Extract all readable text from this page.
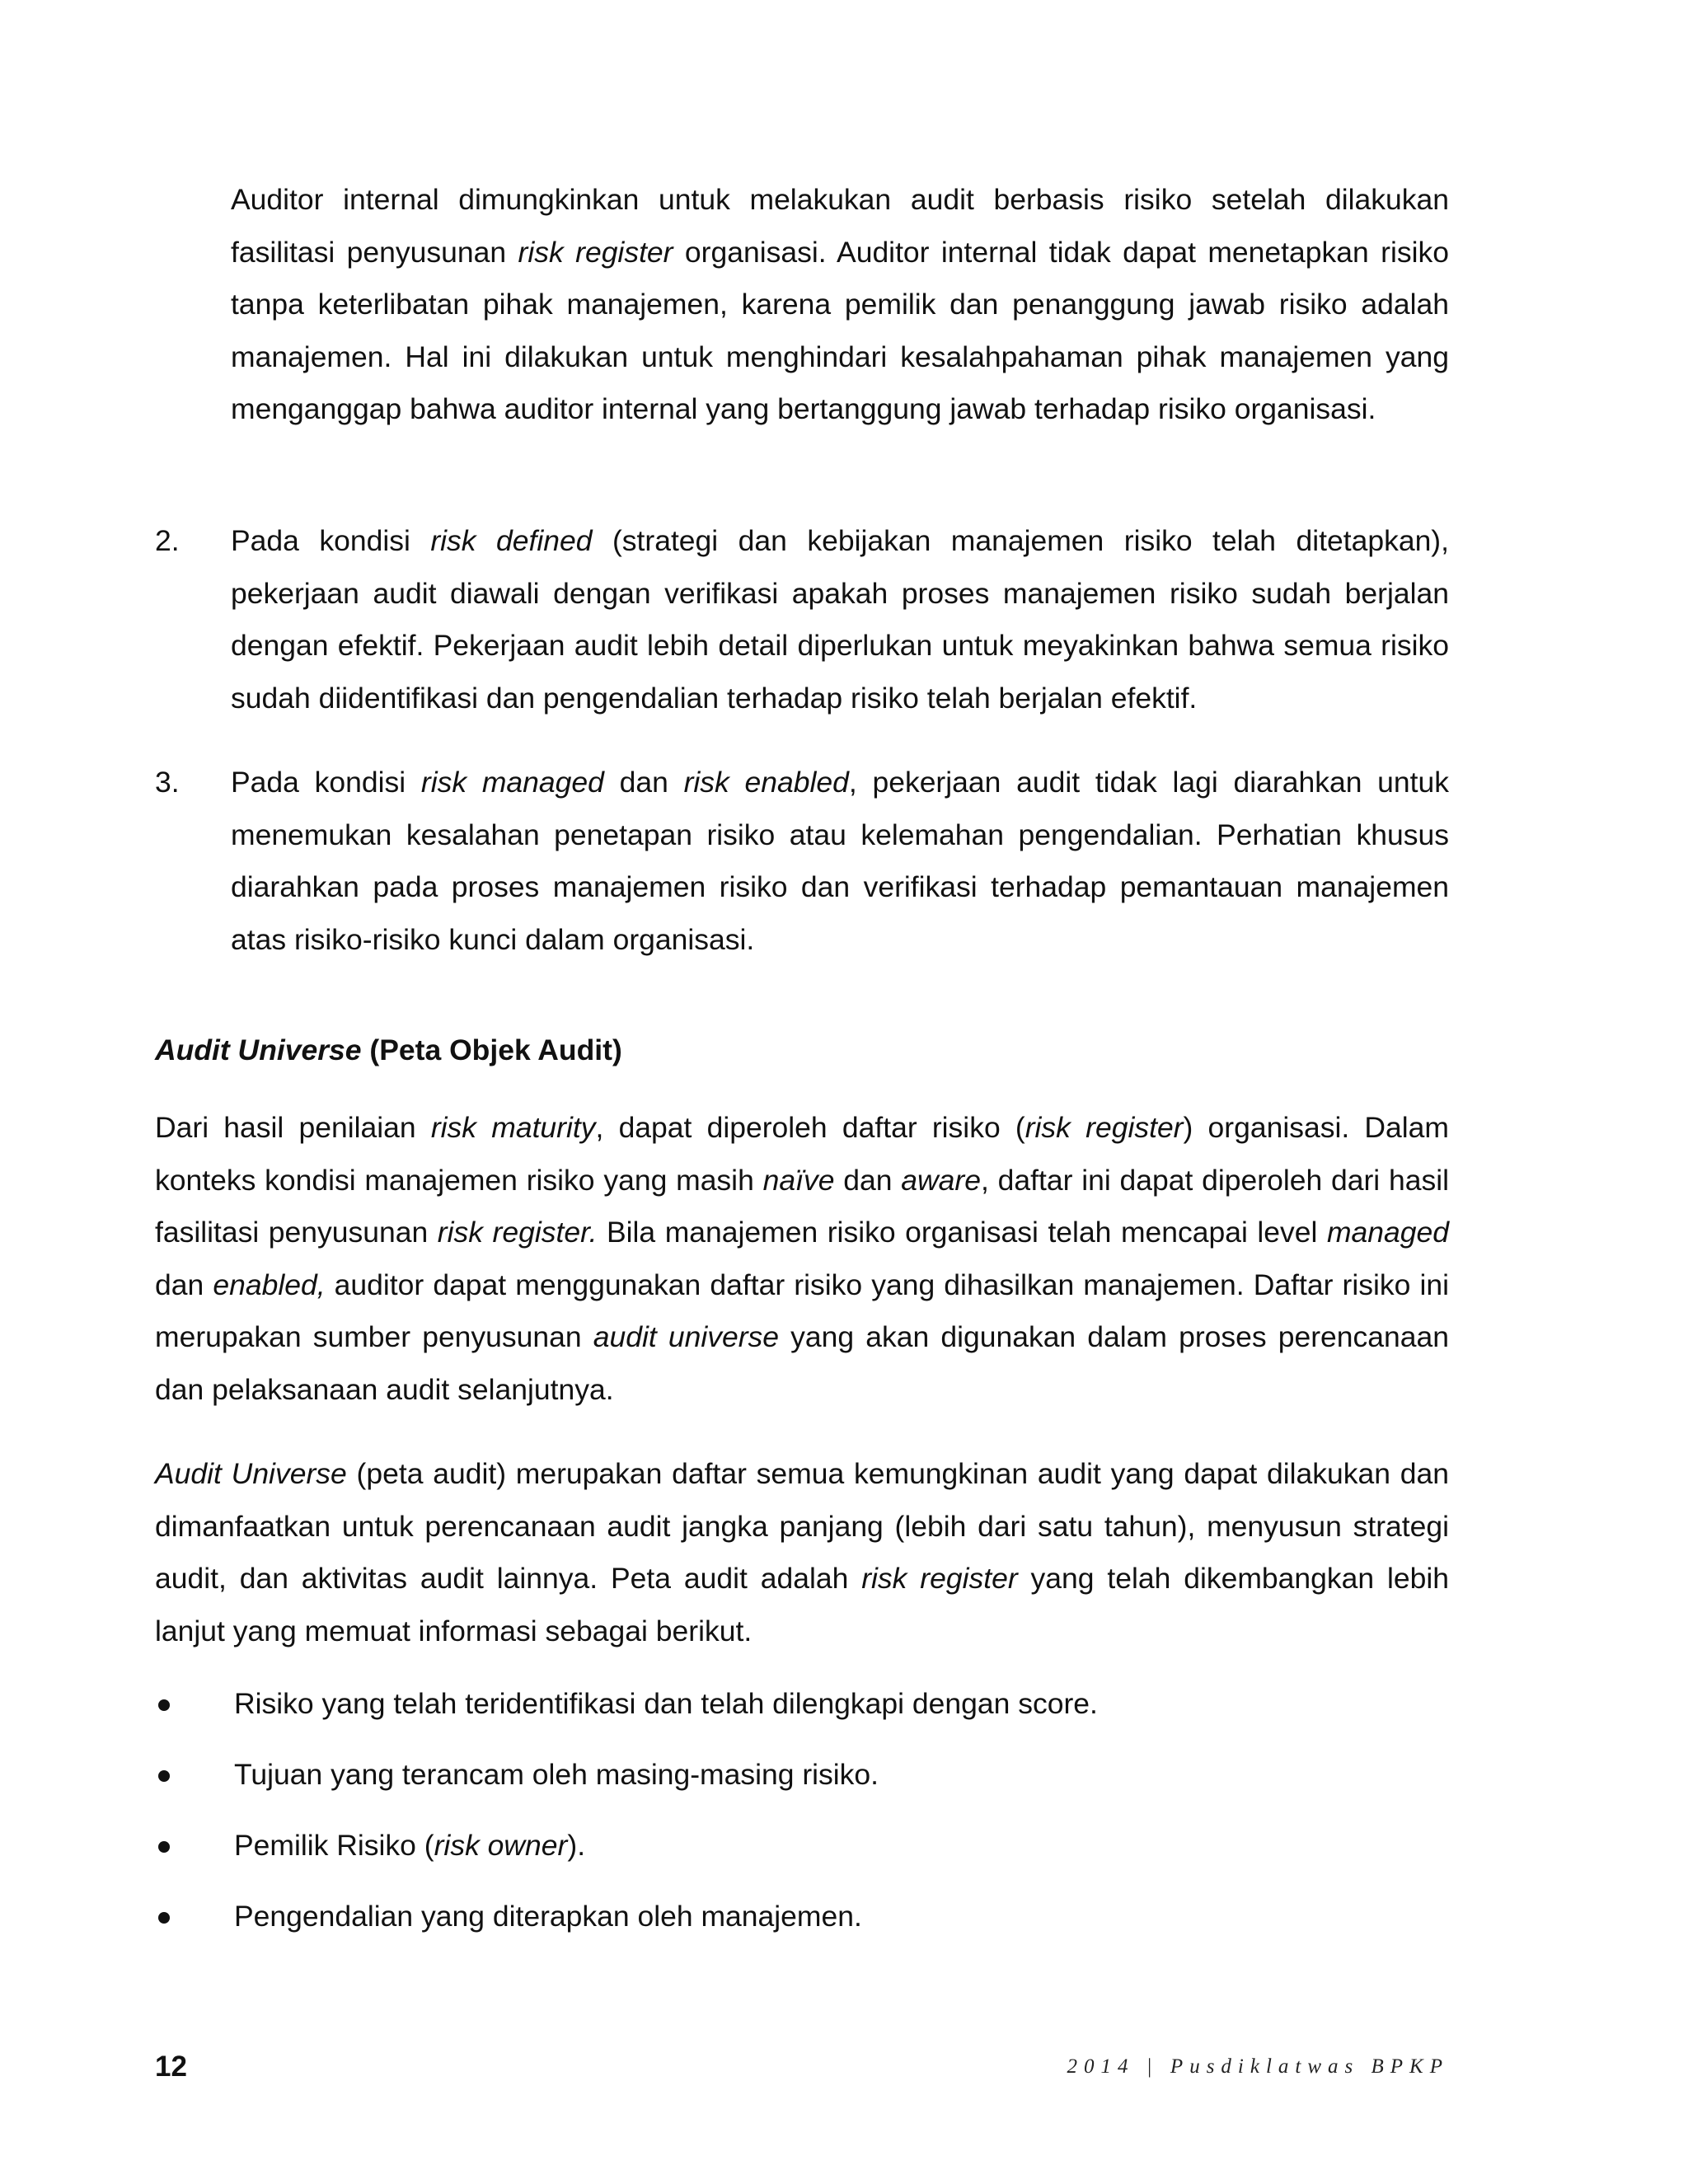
Auditor internal dimungkinkan untuk melakukan audit berbasis risiko setelah dilakukan fasilitasi penyusunan risk register organisasi. Auditor internal tidak dapat menetapkan risiko tanpa keterlibatan pihak manajemen, karena pemilik dan penanggung jawab risiko adalah manajemen. Hal ini dilakukan untuk menghindari kesalahpahaman pihak manajemen yang menganggap bahwa auditor internal yang bertanggung jawab terhadap risiko organisasi.
2. Pada kondisi risk defined (strategi dan kebijakan manajemen risiko telah ditetapkan), pekerjaan audit diawali dengan verifikasi apakah proses manajemen risiko sudah berjalan dengan efektif. Pekerjaan audit lebih detail diperlukan untuk meyakinkan bahwa semua risiko sudah diidentifikasi dan pengendalian terhadap risiko telah berjalan efektif.
3. Pada kondisi risk managed dan risk enabled, pekerjaan audit tidak lagi diarahkan untuk menemukan kesalahan penetapan risiko atau kelemahan pengendalian. Perhatian khusus diarahkan pada proses manajemen risiko dan verifikasi terhadap pemantauan manajemen atas risiko-risiko kunci dalam organisasi.
Audit Universe (Peta Objek Audit)
Dari hasil penilaian risk maturity, dapat diperoleh daftar risiko (risk register) organisasi. Dalam konteks kondisi manajemen risiko yang masih naïve dan aware, daftar ini dapat diperoleh dari hasil fasilitasi penyusunan risk register. Bila manajemen risiko organisasi telah mencapai level managed dan enabled, auditor dapat menggunakan daftar risiko yang dihasilkan manajemen. Daftar risiko ini merupakan sumber penyusunan audit universe yang akan digunakan dalam proses perencanaan dan pelaksanaan audit selanjutnya.
Audit Universe (peta audit) merupakan daftar semua kemungkinan audit yang dapat dilakukan dan dimanfaatkan untuk perencanaan audit jangka panjang (lebih dari satu tahun), menyusun strategi audit, dan aktivitas audit lainnya. Peta audit adalah risk register yang telah dikembangkan lebih lanjut yang memuat informasi sebagai berikut.
Risiko yang telah teridentifikasi dan telah dilengkapi dengan score.
Tujuan yang terancam oleh masing-masing risiko.
Pemilik Risiko (risk owner).
Pengendalian yang diterapkan oleh manajemen.
12	2014 | Pusdiklatwas BPKP
